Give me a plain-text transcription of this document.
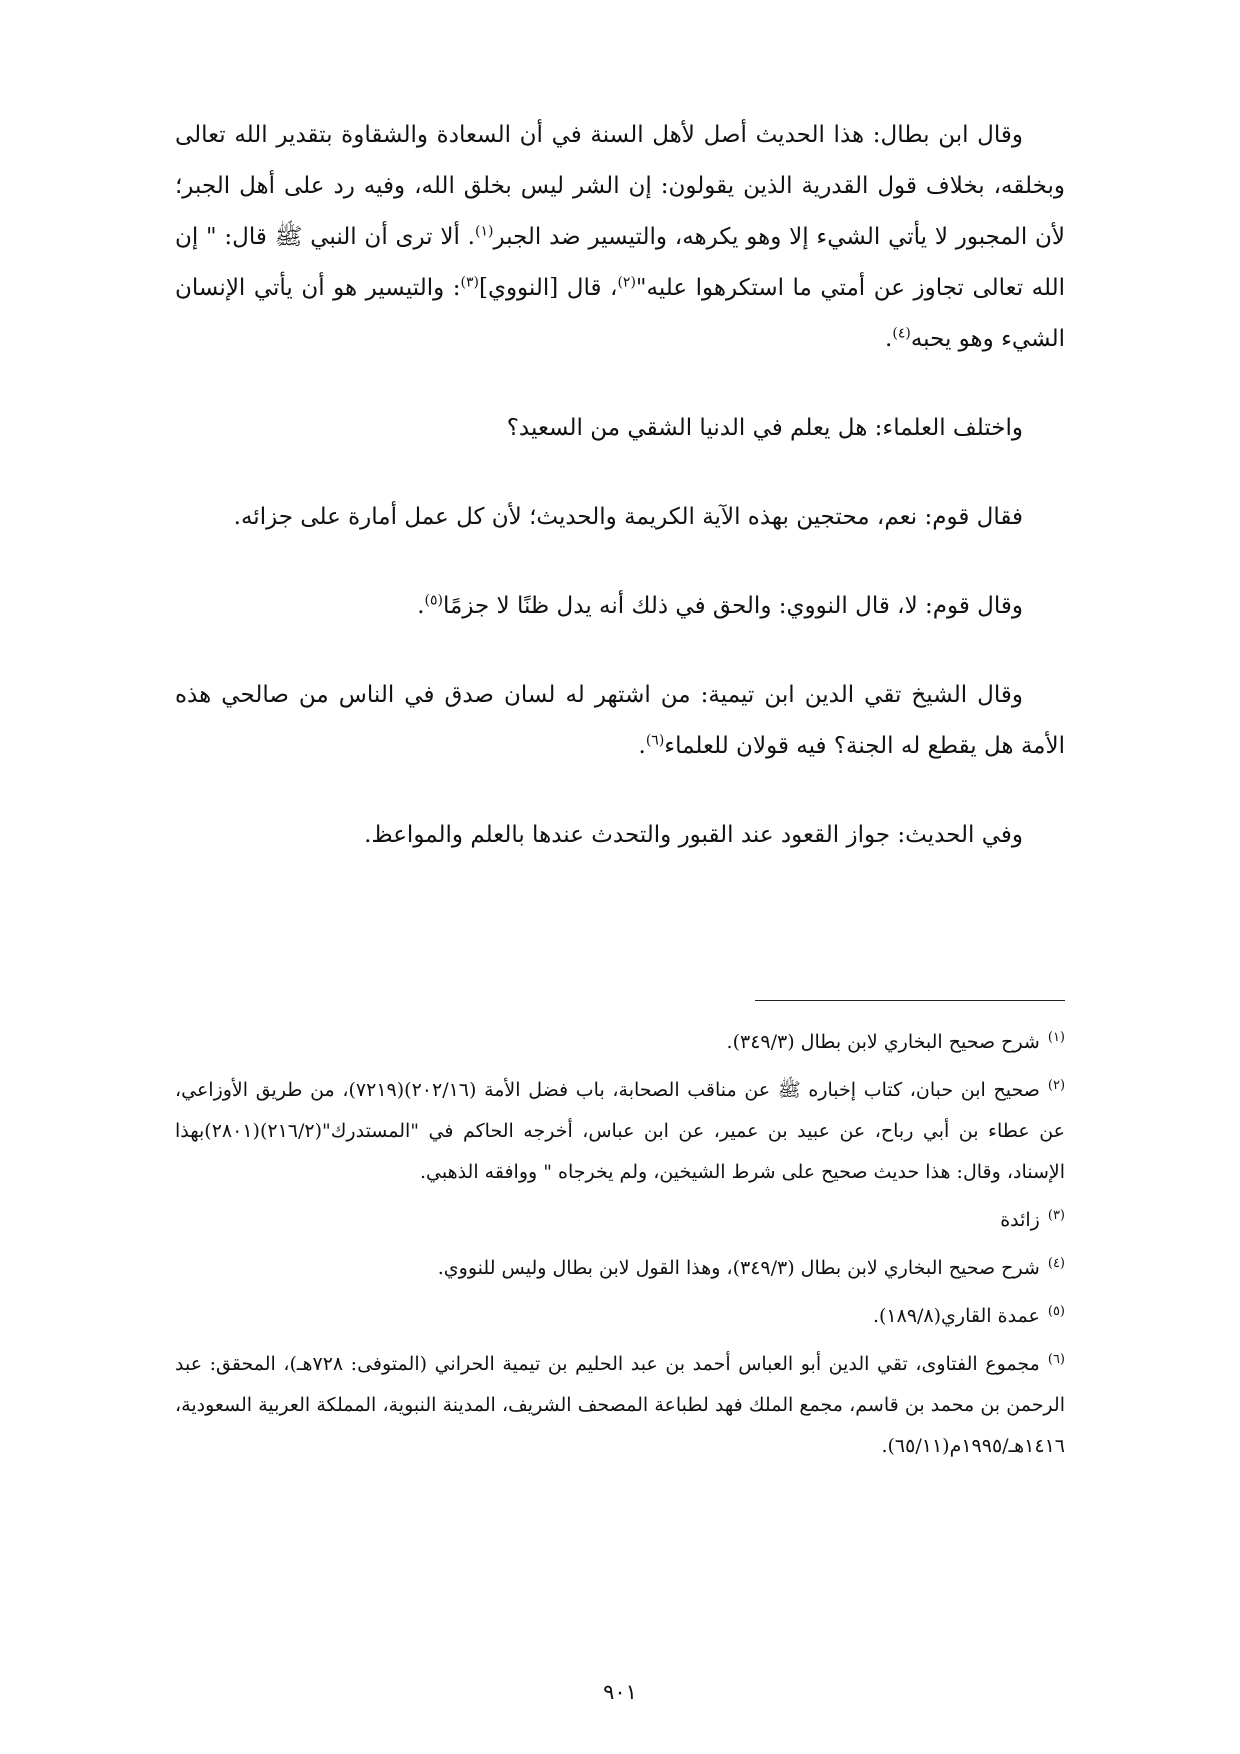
وقال ابن بطال: هذا الحديث أصل لأهل السنة في أن السعادة والشقاوة بتقدير الله تعالى وبخلقه، بخلاف قول القدرية الذين يقولون: إن الشر ليس بخلق الله، وفيه رد على أهل الجبر؛ لأن المجبور لا يأتي الشيء إلا وهو يكرهه، والتيسير ضد الجبر$^{(١)}$. ألا ترى أن النبي ﷺ قال: " إن الله تعالى تجاوز عن أمتي ما استكرهوا عليه"$^{(٢)}$، قال [النووي]$^{(٣)}$: والتيسير هو أن يأتي الإنسان الشيء وهو يحبه$^{(٤)}$.

واختلف العلماء: هل يعلم في الدنيا الشقي من السعيد؟

فقال قوم: نعم، محتجين بهذه الآية الكريمة والحديث؛ لأن كل عمل أمارة على جزائه.

وقال قوم: لا، قال النووي: والحق في ذلك أنه يدل ظنًا لا جزمًا$^{(٥)}$.

وقال الشيخ تقي الدين ابن تيمية: من اشتهر له لسان صدق في الناس من صالحي هذه الأمة هل يقطع له الجنة؟ فيه قولان للعلماء$^{(٦)}$.

وفي الحديث: جواز القعود عند القبور والتحدث عندها بالعلم والمواعظ.

$^{(١)}$شرح صحيح البخاري لابن بطال (٣٤٩/٣).

$^{(٢)}$صحيح ابن حبان، كتاب إخباره ﷺ عن مناقب الصحابة، باب فضل الأمة (٢٠٢/١٦)(٧٢١٩)، من طريق الأوزاعي، عن عطاء بن أبي رباح، عن عبيد بن عمير، عن ابن عباس، أخرجه الحاكم في "المستدرك"(٢١٦/٢)(٢٨٠١)بهذا الإسناد، وقال: هذا حديث صحيح على شرط الشيخين، ولم يخرجاه " ووافقه الذهبي.

$^{(٣)}$زائدة

$^{(٤)}$شرح صحيح البخاري لابن بطال (٣٤٩/٣)، وهذا القول لابن بطال وليس للنووي.

$^{(٥)}$عمدة القاري(١٨٩/٨).

$^{(٦)}$مجموع الفتاوى، تقي الدين أبو العباس أحمد بن عبد الحليم بن تيمية الحراني (المتوفى: ٧٢٨هـ)، المحقق: عبد الرحمن بن محمد بن قاسم، مجمع الملك فهد لطباعة المصحف الشريف، المدينة النبوية، المملكة العربية السعودية، ١٤١٦هـ/١٩٩٥م(٦٥/١١).

٩٠١
